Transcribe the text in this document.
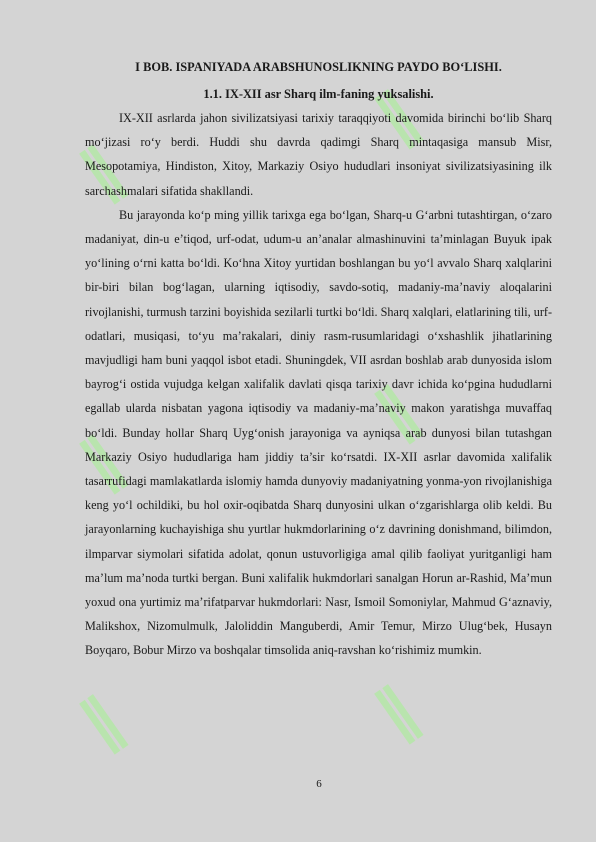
‖
‖
‖
‖
‖	‖

I BOB. ISPANIYADA ARABSHUNOSLIKNING PAYDO BO‘LISHI.

1.1. IX-XII asr Sharq ilm-faning yuksalishi.

IX-XII asrlarda jahon sivilizatsiyasi tarixiy taraqqiyoti davomida birinchi bo‘lib Sharq mo‘jizasi ro‘y berdi. Huddi shu davrda qadimgi Sharq mintaqasiga mansub Misr, Mesopotamiya, Hindiston, Xitoy, Markaziy Osiyo hududlari insoniyat sivilizatsiyasining ilk sarchashmalari sifatida shakllandi.

Bu jarayonda ko‘p ming yillik tarixga ega bo‘lgan, Sharq-u G‘arbni tutashtirgan, o‘zaro madaniyat, din-u e’tiqod, urf-odat, udum-u an’analar almashinuvini ta’minlagan Buyuk ipak yo‘lining o‘rni katta bo‘ldi. Ko‘hna Xitoy yurtidan boshlangan bu yo‘l avvalo Sharq xalqlarini bir-biri bilan bog‘lagan, ularning iqtisodiy, savdo-sotiq, madaniy-ma’naviy aloqalarini rivojlanishi, turmush tarzini boyishida sezilarli turtki bo‘ldi. Sharq xalqlari, elatlarining tili, urf-odatlari, musiqasi, to‘yu ma’rakalari, diniy rasm-rusumlaridagi o‘xshashlik jihatlarining mavjudligi ham buni yaqqol isbot etadi. Shuningdek, VII asrdan boshlab arab dunyosida islom bayrog‘i ostida vujudga kelgan xalifalik davlati qisqa tarixiy davr ichida ko‘pgina hududlarni egallab ularda nisbatan yagona iqtisodiy va madaniy-ma’naviy makon yaratishga muvaffaq bo‘ldi. Bunday hollar Sharq Uyg‘onish jarayoniga va ayniqsa arab dunyosi bilan tutashgan Markaziy Osiyo hududlariga ham jiddiy ta’sir ko‘rsatdi. IX-XII asrlar davomida xalifalik tasarrufidagi mamlakatlarda islomiy hamda dunyoviy madaniyatning yonma-yon rivojlanishiga keng yo‘l ochildiki, bu hol oxir-oqibatda Sharq dunyosini ulkan o‘zgarishlarga olib keldi. Bu jarayonlarning kuchayishiga shu yurtlar hukmdorlarining o‘z davrining donishmand, bilimdon, ilmparvar siymolari sifatida adolat, qonun ustuvorligiga amal qilib faoliyat yuritganligi ham ma’lum ma’noda turtki bergan. Buni xalifalik hukmdorlari sanalgan Horun ar-Rashid, Ma’mun yoxud ona yurtimiz ma’rifatparvar hukmdorlari: Nasr, Ismoil Somoniylar, Mahmud G‘aznaviy, Malikshox, Nizomulmulk, Jaloliddin Manguberdi, Amir Temur, Mirzo Ulug‘bek, Husayn Boyqaro, Bobur Mirzo va boshqalar timsolida aniq-ravshan ko‘rishimiz mumkin.

6
